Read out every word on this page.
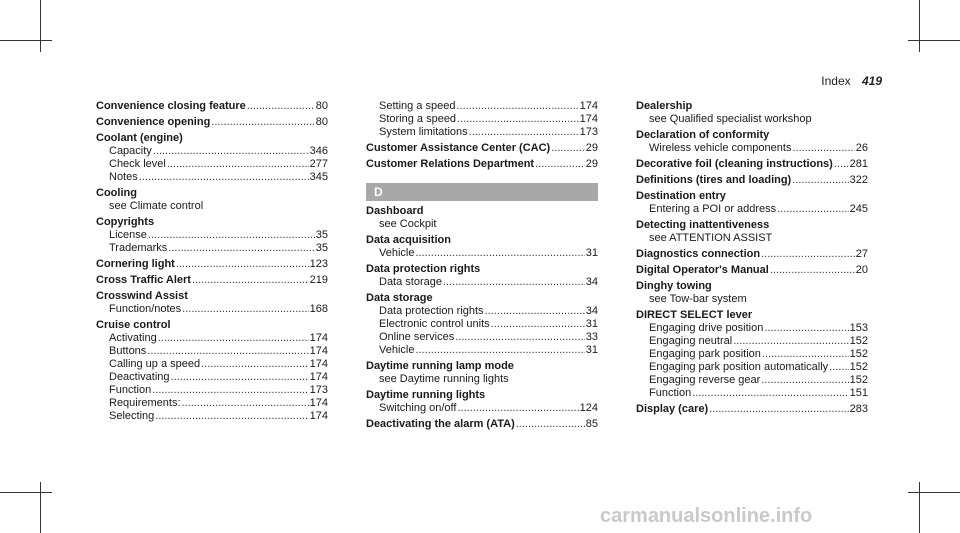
Index 419
Convenience closing feature .....	80
Convenience opening .....	80
Coolant (engine)
Capacity .....	346
Check level .....	277
Notes .....	345
Cooling
see Climate control
Copyrights
License .....	35
Trademarks .....	35
Cornering light .....	123
Cross Traffic Alert .....	219
Crosswind Assist
Function/notes .....	168
Cruise control
Activating .....	174
Buttons .....	174
Calling up a speed .....	174
Deactivating .....	174
Function .....	173
Requirements: .....	174
Selecting .....	174
Setting a speed .....	174
Storing a speed .....	174
System limitations .....	173
Customer Assistance Center (CAC) .....	29
Customer Relations Department .....	29
D
Dashboard
see Cockpit
Data acquisition
Vehicle .....	31
Data protection rights
Data storage .....	34
Data storage
Data protection rights .....	34
Electronic control units .....	31
Online services .....	33
Vehicle .....	31
Daytime running lamp mode
see Daytime running lights
Daytime running lights
Switching on/off .....	124
Deactivating the alarm (ATA) .....	85
Dealership
see Qualified specialist workshop
Declaration of conformity
Wireless vehicle components .....	26
Decorative foil (cleaning instructions) ..... 281
Definitions (tires and loading) .....	322
Destination entry
Entering a POI or address .....	245
Detecting inattentiveness
see ATTENTION ASSIST
Diagnostics connection .....	27
Digital Operator's Manual .....	20
Dinghy towing
see Tow-bar system
DIRECT SELECT lever
Engaging drive position .....	153
Engaging neutral .....	152
Engaging park position .....	152
Engaging park position automatically ..... 152
Engaging reverse gear .....	152
Function .....	151
Display (care) .....	283
carmanualsonline.info
